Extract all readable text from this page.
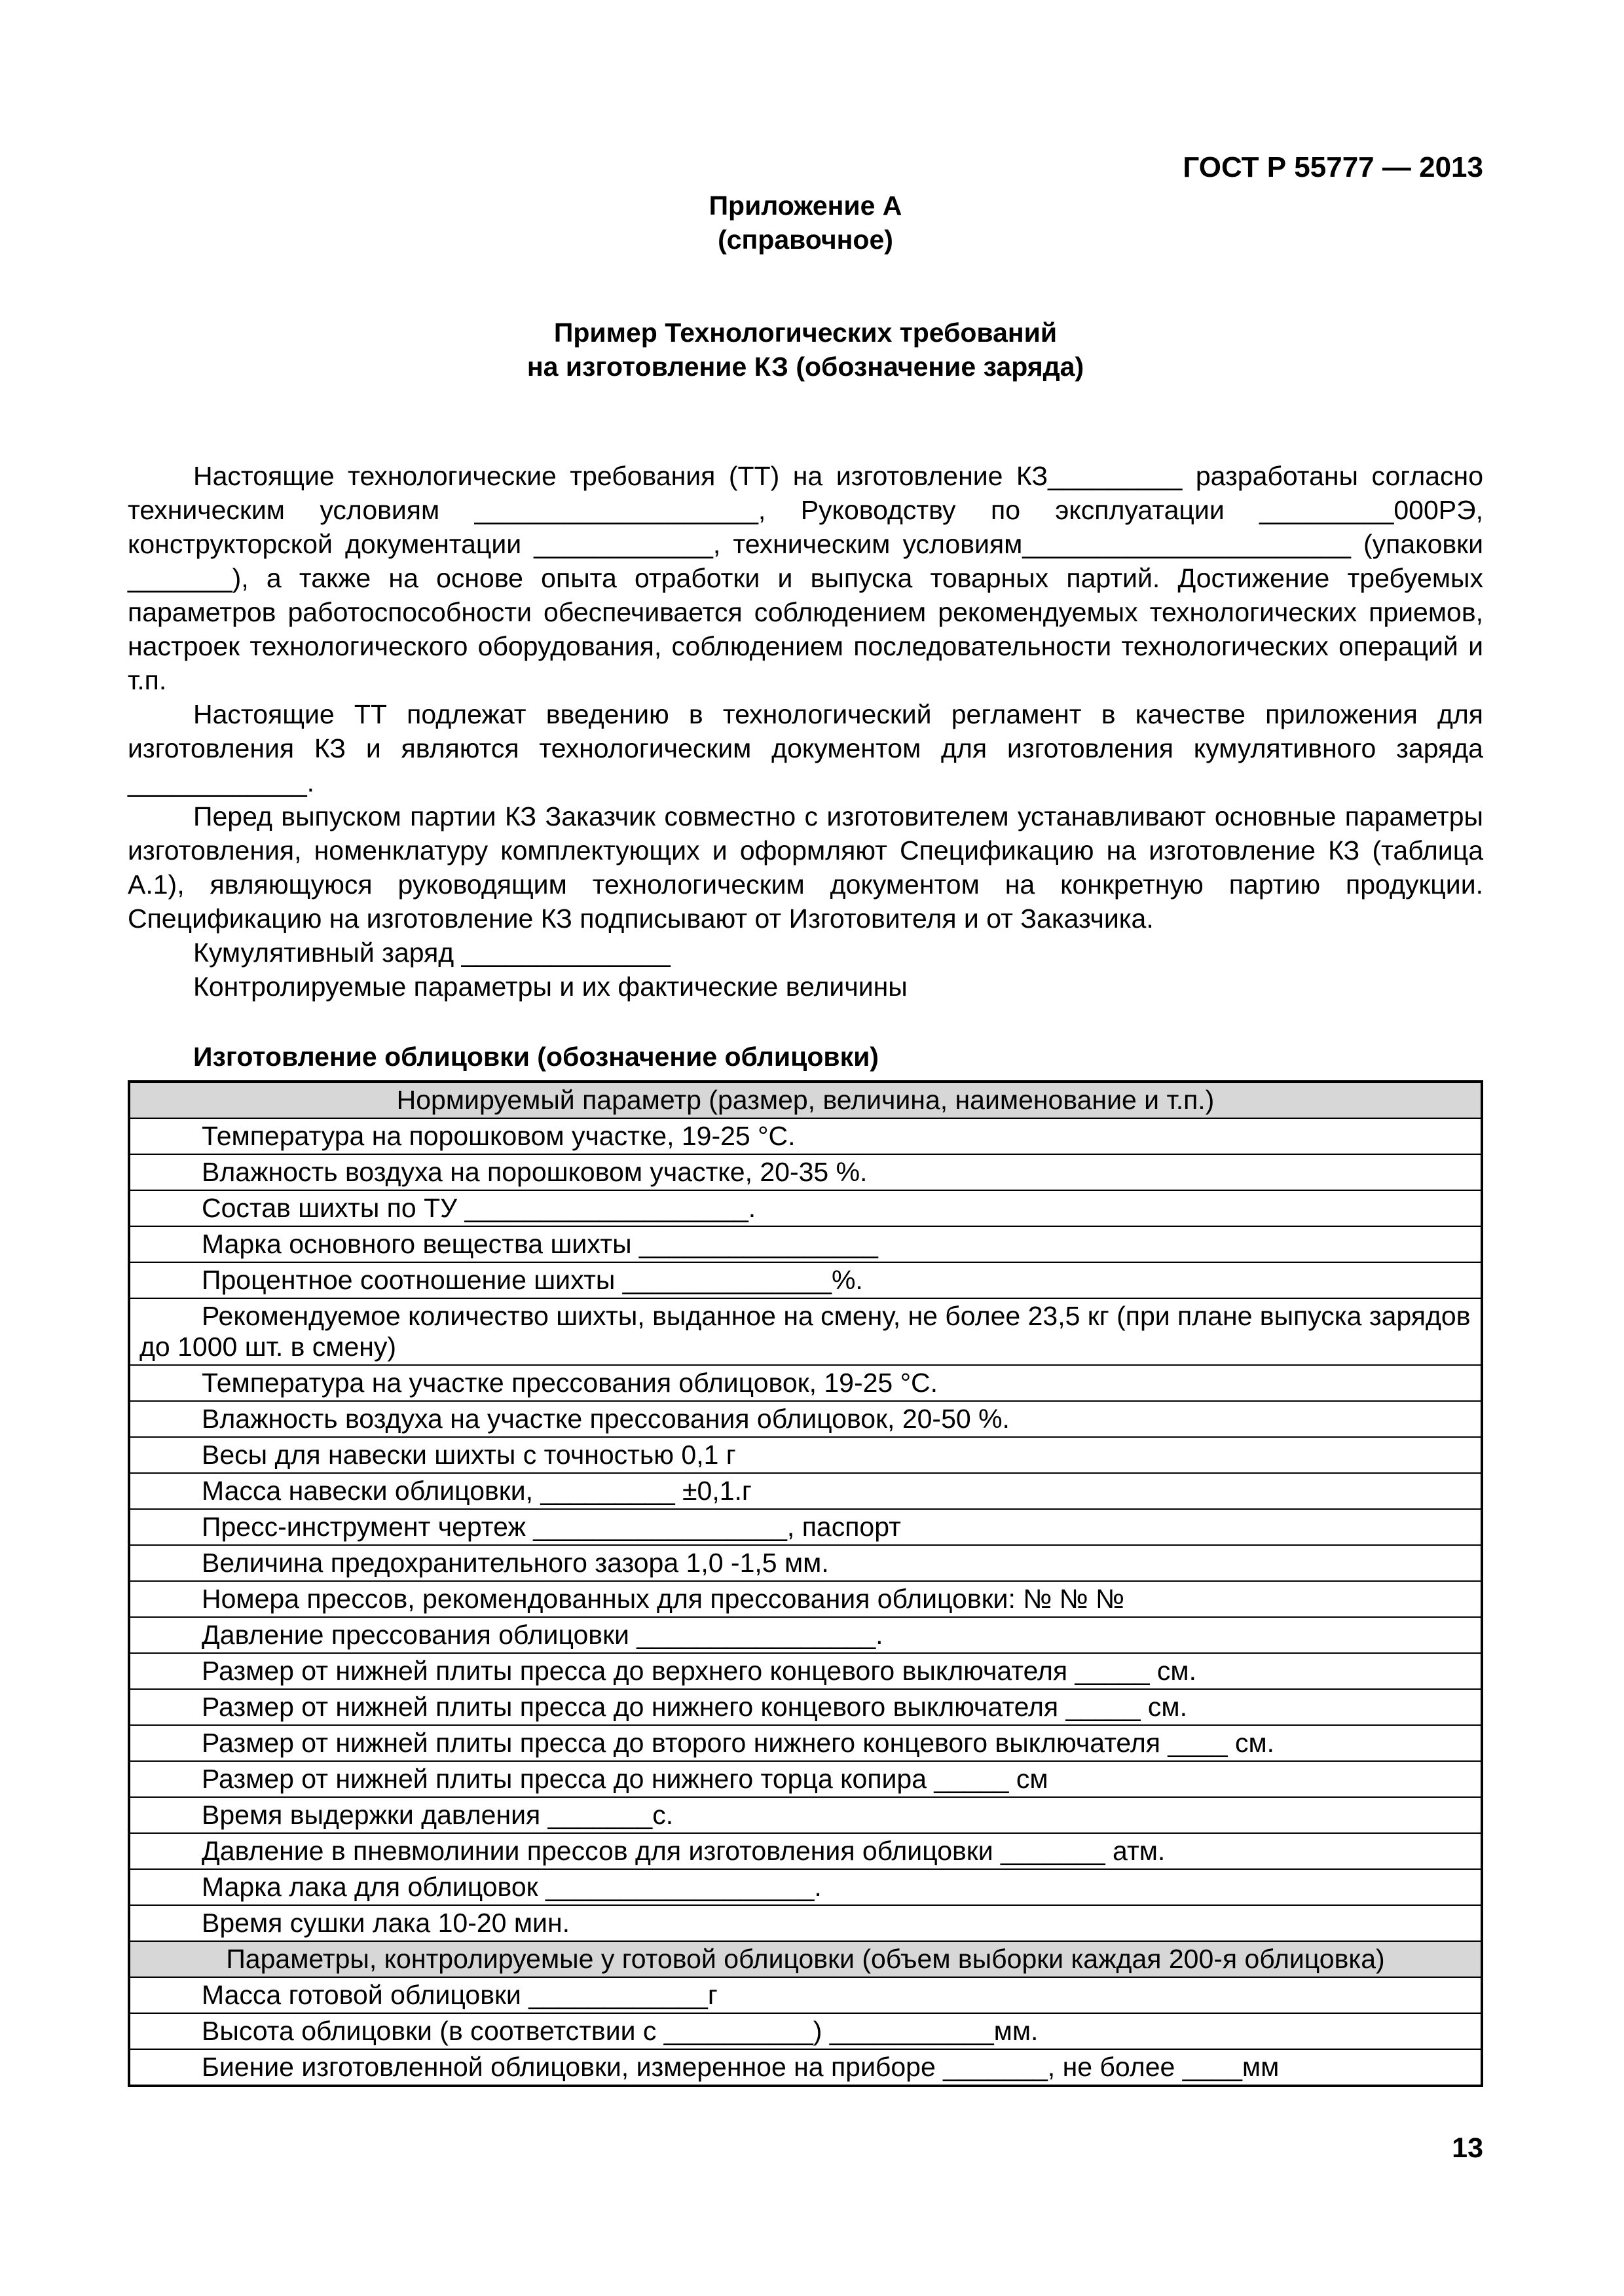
ГОСТ Р 55777 — 2013
Приложение А
(справочное)
Пример Технологических требований
на изготовление КЗ (обозначение заряда)

Настоящие технологические требования (ТТ) на изготовление КЗ_________ разработаны согласно техническим условиям ___________________, Руководству по эксплуатации _________000РЭ, конструкторской документации ____________, техническим условиям______________________ (упаковки _______), а также на основе опыта отработки и выпуска товарных партий. Достижение требуемых параметров работоспособности обеспечивается соблюдением рекомендуемых технологических приемов, настроек технологического оборудования, соблюдением последовательности технологических операций и т.п.

Настоящие ТТ подлежат введению в технологический регламент в качестве приложения для изготовления КЗ и являются технологическим документом для изготовления кумулятивного заряда ____________.

Перед выпуском партии КЗ Заказчик совместно с изготовителем устанавливают основные параметры изготовления, номенклатуру комплектующих и оформляют Спецификацию на изготовление КЗ (таблица А.1), являющуюся руководящим технологическим документом на конкретную партию продукции. Спецификацию на изготовление КЗ подписывают от Изготовителя и от Заказчика.

Кумулятивный заряд ______________

Контролируемые параметры и их фактические величины

Изготовление облицовки (обозначение облицовки)
Нормируемый параметр (размер, величина, наименование и т.п.)
Температура на порошковом участке, 19-25 °С.
Влажность воздуха на порошковом участке, 20-35 %.
Состав шихты по ТУ ___________________.
Марка основного вещества шихты ________________
Процентное соотношение шихты ______________%.
Рекомендуемое количество шихты, выданное на смену, не более 23,5 кг (при плане выпуска зарядов до 1000 шт. в смену)
Температура на участке прессования облицовок, 19-25 °С.
Влажность воздуха на участке прессования облицовок, 20-50 %.
Весы для навески шихты с точностью 0,1 г
Масса навески облицовки, _________ ±0,1.г
Пресс-инструмент чертеж _________________, паспорт
Величина предохранительного зазора 1,0 -1,5 мм.
Номера прессов, рекомендованных для прессования облицовки: № № №
Давление прессования облицовки ________________.
Размер от нижней плиты пресса до верхнего концевого выключателя _____ см.
Размер от нижней плиты пресса до нижнего концевого выключателя _____ см.
Размер от нижней плиты пресса до второго нижнего концевого выключателя ____ см.
Размер от нижней плиты пресса до нижнего торца копира _____ см
Время выдержки давления _______с.
Давление в пневмолинии прессов для изготовления облицовки _______ атм.
Марка лака для облицовок __________________.
Время сушки лака 10-20 мин.
Параметры, контролируемые у готовой облицовки (объем выборки каждая 200-я облицовка)
Масса готовой облицовки ____________г
Высота облицовки (в соответствии с __________) ___________мм.
Биение изготовленной облицовки, измеренное на приборе _______, не более ____мм
13
